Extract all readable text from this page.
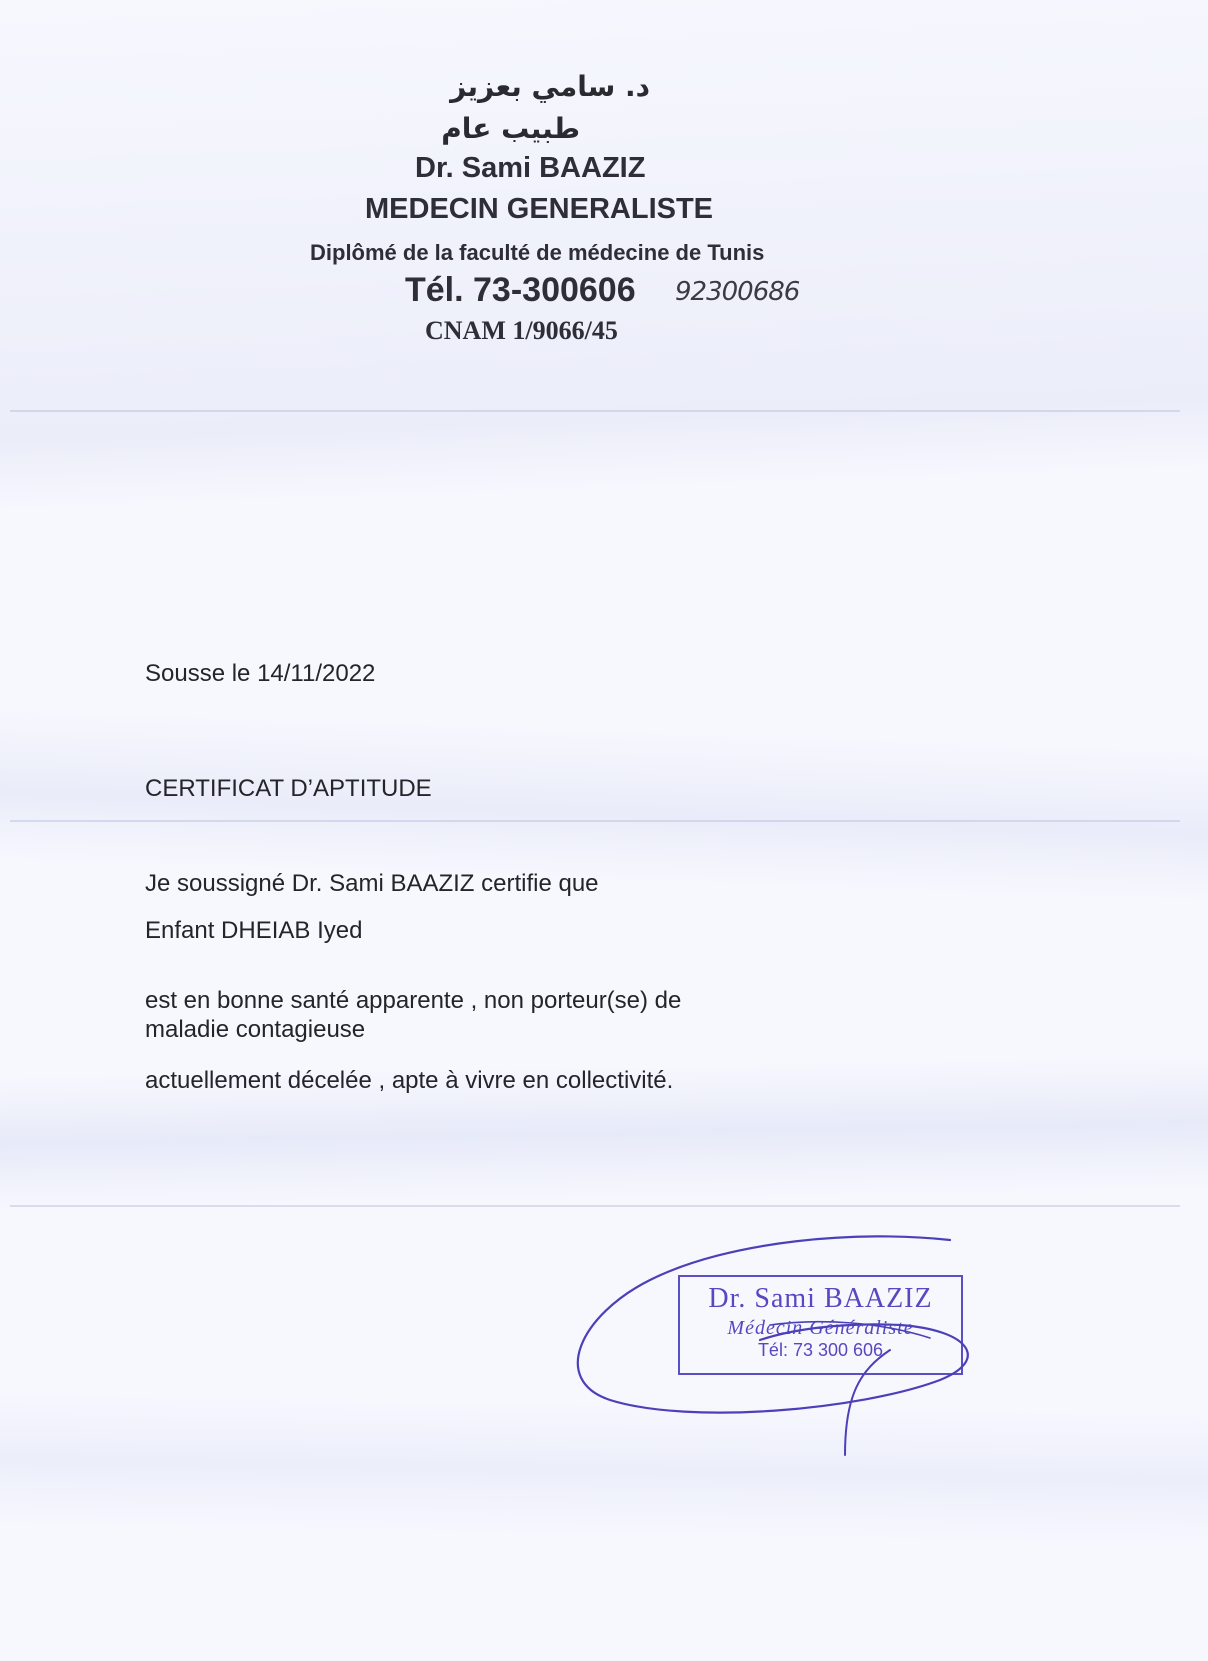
د. سامي بعزيز
طبيب عام
Dr. Sami BAAZIZ
MEDECIN GENERALISTE
Diplômé de la faculté de médecine de Tunis
Tél. 73-300606 92300686
CNAM 1/9066/45
Sousse le 14/11/2022
CERTIFICAT D’APTITUDE
Je soussigné Dr. Sami BAAZIZ certifie que
Enfant DHEIAB Iyed
est en bonne santé apparente , non porteur(se) de
maladie contagieuse
actuellement décelée , apte à vivre en collectivité.
Dr. Sami BAAZIZ
Médecin Généraliste
Tél: 73 300 606
